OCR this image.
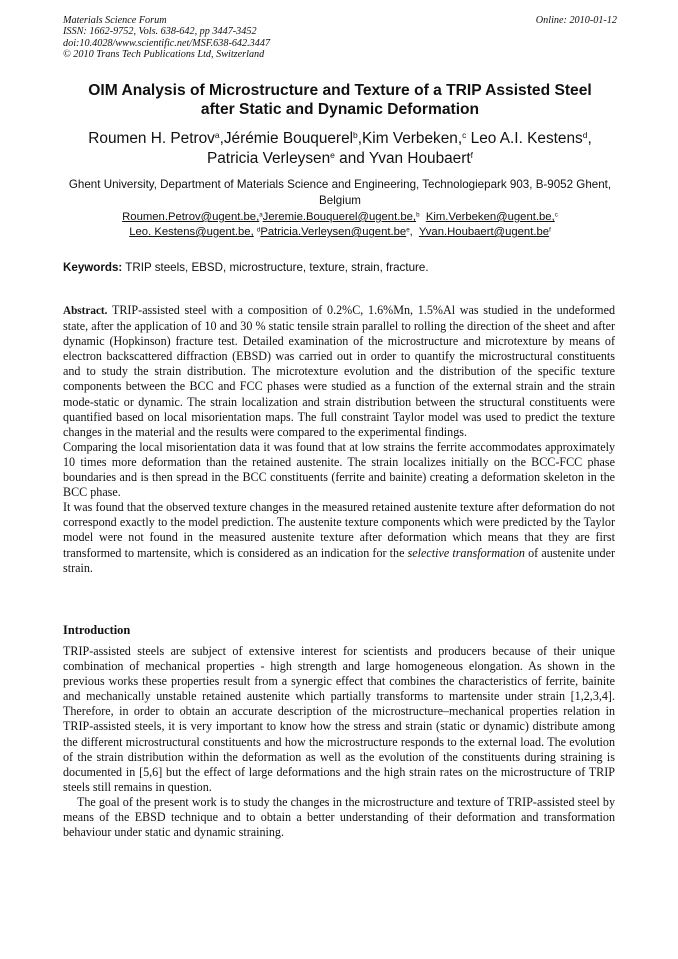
Materials Science Forum
ISSN: 1662-9752, Vols. 638-642, pp 3447-3452
doi:10.4028/www.scientific.net/MSF.638-642.3447
© 2010 Trans Tech Publications Ltd, Switzerland
Online: 2010-01-12
OIM Analysis of Microstructure and Texture of a TRIP Assisted Steel
after Static and Dynamic Deformation

Roumen H. Petrov$^a$,Jérémie Bouquerel$^b$,Kim Verbeken,$^c$ Leo A.I. Kestens$^d$,
Patricia Verleysen$^e$ and Yvan Houbaert$^f$

Ghent University, Department of Materials Science and Engineering, Technologiepark 903, B-9052 Ghent, Belgium

Roumen.Petrov@ugent.be,$^a$Jeremie.Bouquerel@ugent.be,$^b$ Kim.Verbeken@ugent.be,$^c$
Leo. Kestens@ugent.be, $^dPatricia.Verleysen@ugent.be^e$,  $Yvan.Houbaert@ugent.be^f$

Keywords: TRIP steels, EBSD, microstructure, texture, strain, fracture.

Abstract. TRIP-assisted steel with a composition of 0.2%C, 1.6%Mn, 1.5%Al was studied in the undeformed state, after the application of 10 and 30 % static tensile strain parallel to rolling the direction of the sheet and after dynamic (Hopkinson) fracture test. Detailed examination of the microstructure and microtexture by means of electron backscattered diffraction (EBSD) was carried out in order to quantify the microstructural constituents and to study the strain distribution. The microtexture evolution and the distribution of the specific texture components between the BCC and FCC phases were studied as a function of the external strain and the strain mode-static or dynamic. The strain localization and strain distribution between the structural constituents were quantified based on local misorientation maps. The full constraint Taylor model was used to predict the texture changes in the material and the results were compared to the experimental findings.

Comparing the local misorientation data it was found that at low strains the ferrite accommodates approximately 10 times more deformation than the retained austenite. The strain localizes initially on the BCC-FCC phase boundaries and is then spread in the BCC constituents (ferrite and bainite) creating a deformation skeleton in the BCC phase.

It was found that the observed texture changes in the measured retained austenite texture after deformation do not correspond exactly to the model prediction. The austenite texture components which were predicted by the Taylor model were not found in the measured austenite texture after deformation which means that they are first transformed to martensite, which is considered as an indication for the selective transformation of austenite under strain.

Introduction

TRIP-assisted steels are subject of extensive interest for scientists and producers because of their unique combination of mechanical properties - high strength and large homogeneous elongation. As shown in the previous works these properties result from a synergic effect that combines the characteristics of ferrite, bainite and mechanically unstable retained austenite which partially transforms to martensite under strain [1,2,3,4]. Therefore, in order to obtain an accurate description of the microstructure–mechanical properties relation in TRIP-assisted steels, it is very important to know how the stress and strain (static or dynamic) distribute among the different microstructural constituents and how the microstructure responds to the external load. The evolution of the strain distribution within the deformation as well as the evolution of the constituents during straining is documented in [5,6] but the effect of large deformations and the high strain rates on the microstructure of TRIP steels still remains in question.

The goal of the present work is to study the changes in the microstructure and texture of TRIP-assisted steel by means of the EBSD technique and to obtain a better understanding of their deformation and transformation behaviour under static and dynamic straining.
